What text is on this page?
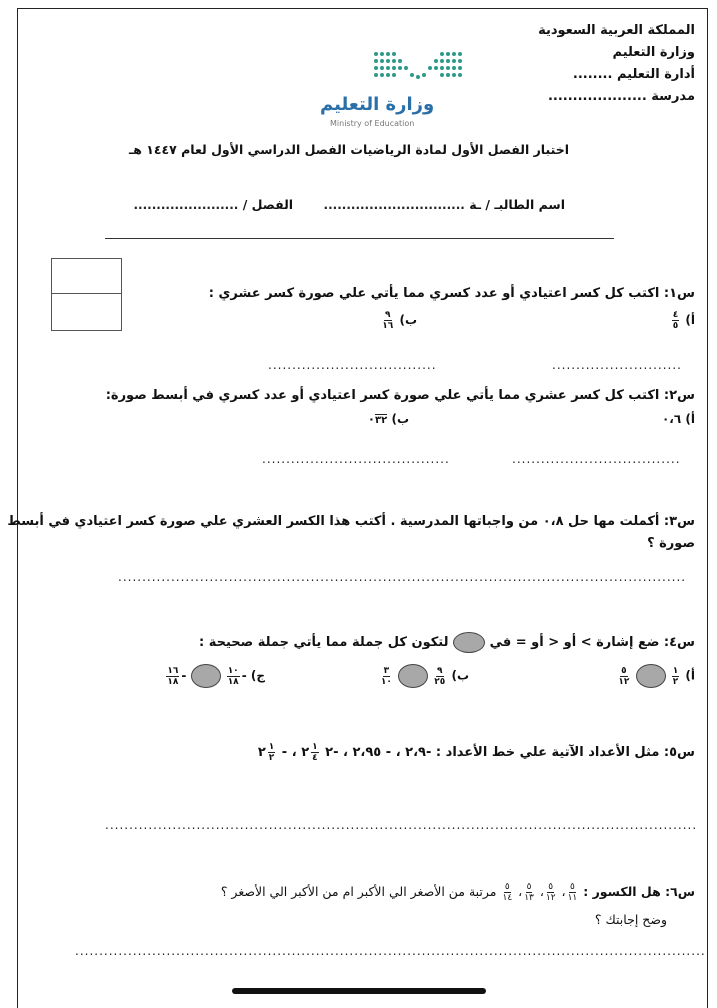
المملكة العربية السعودية
وزارة التعليم
أدارة التعليم ........
مدرسة ....................
وزارة التعليم
Ministry of Education
اختبار الفصل الأول لمادة الرياضيات الفصل الدراسي الأول لعام ١٤٤٧ هـ
اسم الطالبـ / ـة ...............................       الفصل / .......................
س١: اكتب كل كسر اعتيادي أو عدد كسري مما يأتي علي صورة كسر عشري :
أ)
$\frac{٤}{٥}$
ب)
$\frac{٩}{١٦}$
...........................
...................................
س٢: اكتب كل كسر عشري مما يأتي علي صورة كسر اعتيادي أو عدد كسري في أبسط صورة:
أ) ٠،٦
ب) ٠٣٢
...................................
.......................................
س٣: أكملت مها حل ٠،٨ من واجباتها المدرسية . أكتب هذا الكسر العشري علي صورة كسر اعتيادي في أبسط
صورة ؟
......................................................................................................................
س٤: ضع إشارة > أو < أو = في  لتكون كل جملة مما يأتي جملة صحيحة :
أ)
$\frac{١}{٢}$

$\frac{٥}{١٢}$
ب)
$\frac{٩}{٢٥}$

$\frac{٣}{١٠}$
ج) -
$\frac{١٠}{١٨}$
-
$\frac{١٦}{١٨}$
س٥: مثل الأعداد الآتية علي خط الأعداد : -٢،٩ ، - ٢،٩٥ ، -٢
$\frac{١}{٤}$
٢ ، -
$\frac{١}{٢}$
٢
...........................................................................................................................
س٦: هل الكسور :
$\frac{٥}{١١}$
،
$\frac{٥}{١٢}$
،
$\frac{٥}{١٣}$
،
$\frac{٥}{١٤}$
مرتبة من الأصغر الي الأكبر ام من الأكبر الي الأصغر ؟
وضح إجابتك ؟
...................................................................................................................................
